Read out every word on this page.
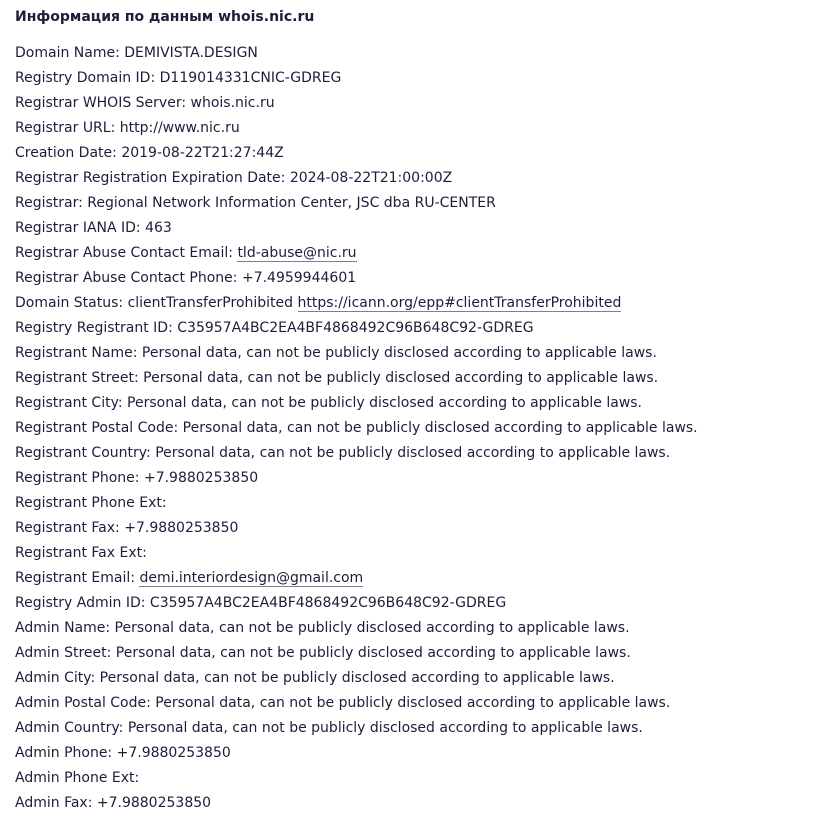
Информация по данным whois.nic.ru
Domain Name: DEMIVISTA.DESIGN
Registry Domain ID: D119014331CNIC-GDREG
Registrar WHOIS Server: whois.nic.ru
Registrar URL: http://www.nic.ru
Creation Date: 2019-08-22T21:27:44Z
Registrar Registration Expiration Date: 2024-08-22T21:00:00Z
Registrar: Regional Network Information Center, JSC dba RU-CENTER
Registrar IANA ID: 463
Registrar Abuse Contact Email: tld-abuse@nic.ru
Registrar Abuse Contact Phone: +7.4959944601
Domain Status: clientTransferProhibited https://icann.org/epp#clientTransferProhibited
Registry Registrant ID: C35957A4BC2EA4BF4868492C96B648C92-GDREG
Registrant Name: Personal data, can not be publicly disclosed according to applicable laws.
Registrant Street: Personal data, can not be publicly disclosed according to applicable laws.
Registrant City: Personal data, can not be publicly disclosed according to applicable laws.
Registrant Postal Code: Personal data, can not be publicly disclosed according to applicable laws.
Registrant Country: Personal data, can not be publicly disclosed according to applicable laws.
Registrant Phone: +7.9880253850
Registrant Phone Ext:
Registrant Fax: +7.9880253850
Registrant Fax Ext:
Registrant Email: demi.interiordesign@gmail.com
Registry Admin ID: C35957A4BC2EA4BF4868492C96B648C92-GDREG
Admin Name: Personal data, can not be publicly disclosed according to applicable laws.
Admin Street: Personal data, can not be publicly disclosed according to applicable laws.
Admin City: Personal data, can not be publicly disclosed according to applicable laws.
Admin Postal Code: Personal data, can not be publicly disclosed according to applicable laws.
Admin Country: Personal data, can not be publicly disclosed according to applicable laws.
Admin Phone: +7.9880253850
Admin Phone Ext:
Admin Fax: +7.9880253850
